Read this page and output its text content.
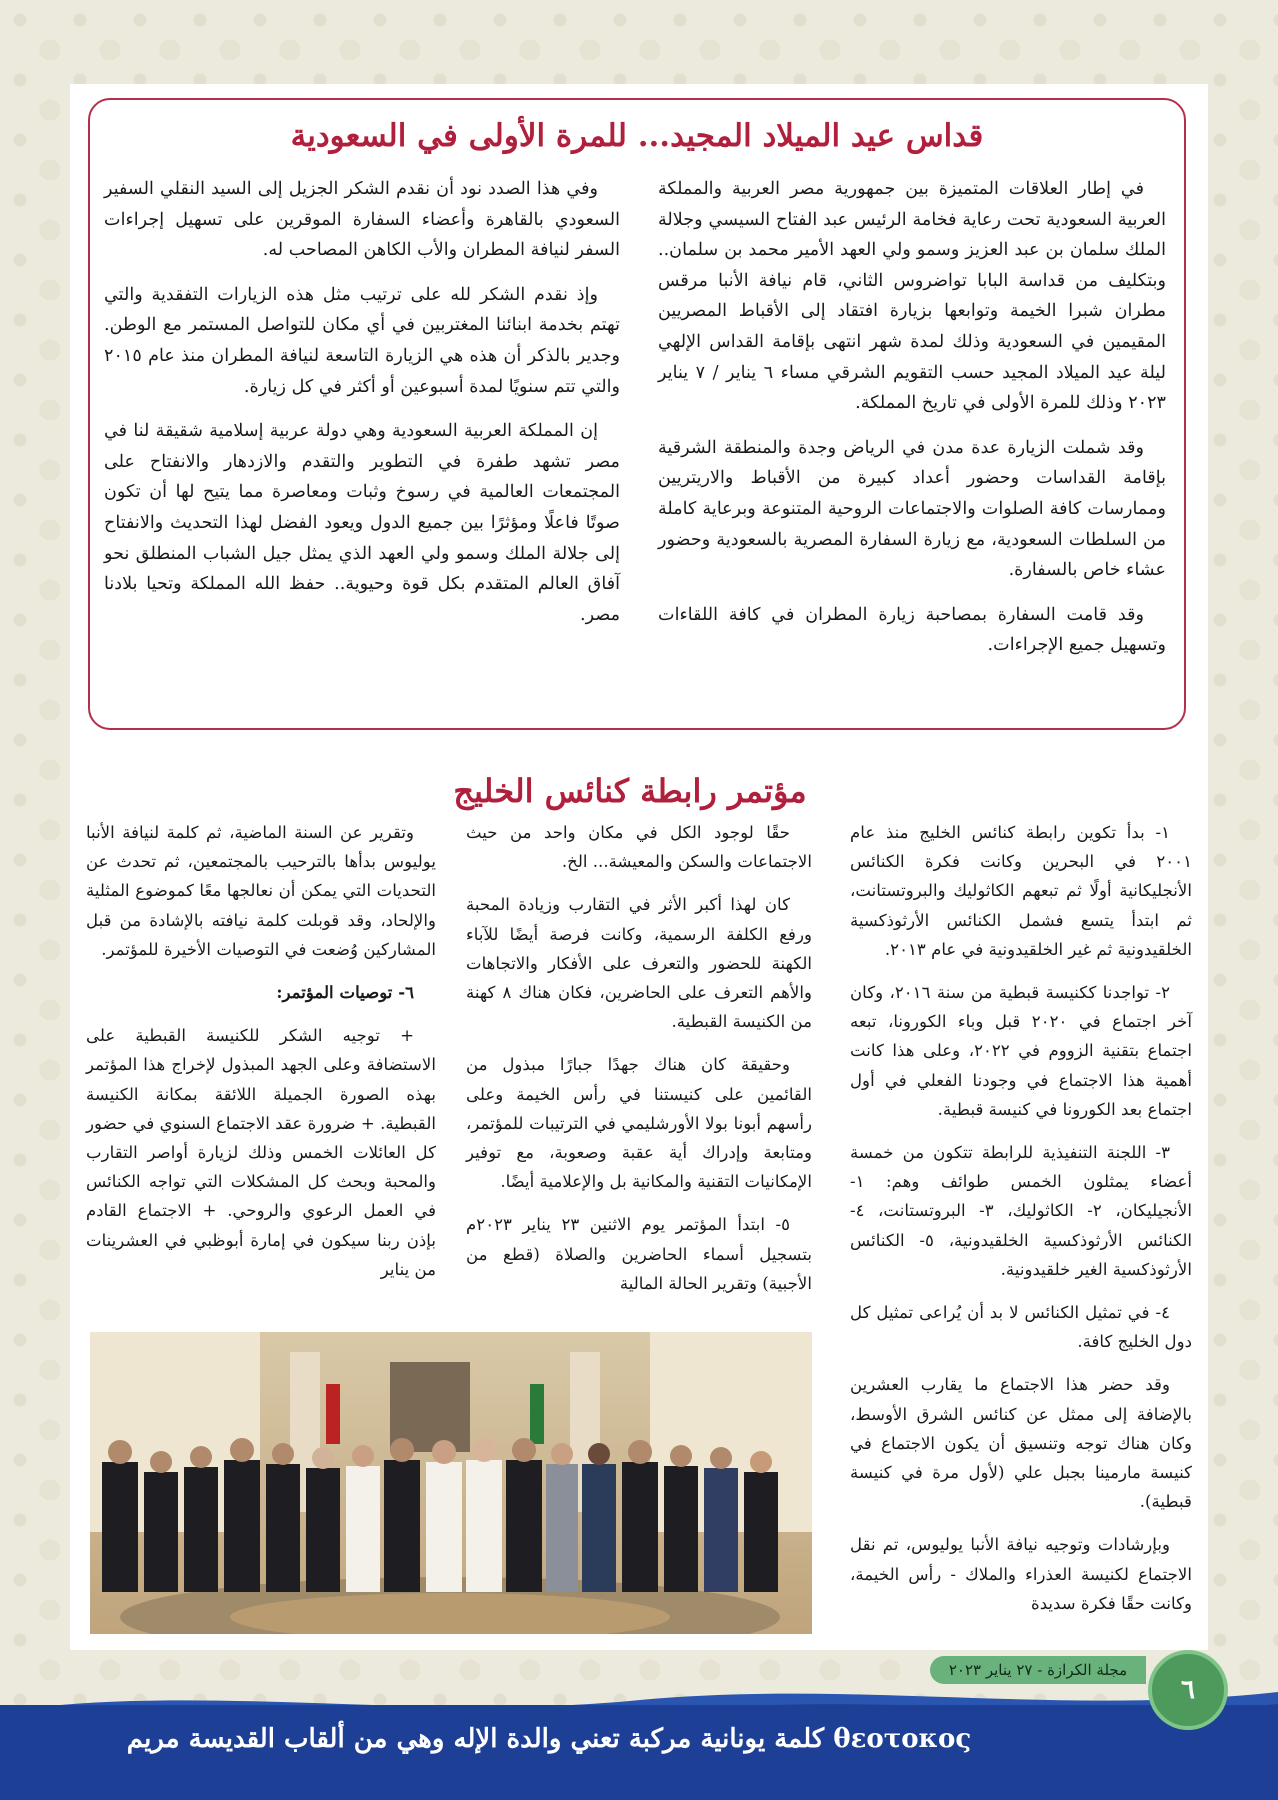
قداس عيد الميلاد المجيد... للمرة الأولى في السعودية

في إطار العلاقات المتميزة بين جمهورية مصر العربية والمملكة العربية السعودية تحت رعاية فخامة الرئيس عبد الفتاح السيسي وجلالة الملك سلمان بن عبد العزيز وسمو ولي العهد الأمير محمد بن سلمان.. وبتكليف من قداسة البابا تواضروس الثاني، قام نيافة الأنبا مرقس مطران شبرا الخيمة وتوابعها بزيارة افتقاد إلى الأقباط المصريين المقيمين في السعودية وذلك لمدة شهر انتهى بإقامة القداس الإلهي ليلة عيد الميلاد المجيد حسب التقويم الشرقي مساء ٦ يناير / ٧ يناير ٢٠٢٣ وذلك للمرة الأولى في تاريخ المملكة.

وقد شملت الزيارة عدة مدن في الرياض وجدة والمنطقة الشرقية بإقامة القداسات وحضور أعداد كبيرة من الأقباط والاريتريين وممارسات كافة الصلوات والاجتماعات الروحية المتنوعة وبرعاية كاملة من السلطات السعودية، مع زيارة السفارة المصرية بالسعودية وحضور عشاء خاص بالسفارة.

وقد قامت السفارة بمصاحبة زيارة المطران في كافة اللقاءات وتسهيل جميع الإجراءات.

وفي هذا الصدد نود أن نقدم الشكر الجزيل إلى السيد النقلي السفير السعودي بالقاهرة وأعضاء السفارة الموقرين على تسهيل إجراءات السفر لنيافة المطران والأب الكاهن المصاحب له.

وإذ نقدم الشكر لله على ترتيب مثل هذه الزيارات التفقدية والتي تهتم بخدمة ابنائنا المغتربين في أي مكان للتواصل المستمر مع الوطن. وجدير بالذكر أن هذه هي الزيارة التاسعة لنيافة المطران منذ عام ٢٠١٥ والتي تتم سنويًا لمدة أسبوعين أو أكثر في كل زيارة.

إن المملكة العربية السعودية وهي دولة عربية إسلامية شقيقة لنا في مصر تشهد طفرة في التطوير والتقدم والازدهار والانفتاح على المجتمعات العالمية في رسوخ وثبات ومعاصرة مما يتيح لها أن تكون صوتًا فاعلًا ومؤثرًا بين جميع الدول ويعود الفضل لهذا التحديث والانفتاح إلى جلالة الملك وسمو ولي العهد الذي يمثل جيل الشباب المنطلق نحو آفاق العالم المتقدم بكل قوة وحيوية.. حفظ الله المملكة وتحيا بلادنا مصر.

مؤتمر رابطة كنائس الخليج

١- بدأ تكوين رابطة كنائس الخليج منذ عام ٢٠٠١ في البحرين وكانت فكرة الكنائس الأنجليكانية أولًا ثم تبعهم الكاثوليك والبروتستانت، ثم ابتدأ يتسع فشمل الكنائس الأرثوذكسية الخلقيدونية ثم غير الخلقيدونية في عام ٢٠١٣.

٢- تواجدنا ككنيسة قبطية من سنة ٢٠١٦، وكان آخر اجتماع في ٢٠٢٠ قبل وباء الكورونا، تبعه اجتماع بتقنية الزووم في ٢٠٢٢، وعلى هذا كانت أهمية هذا الاجتماع في وجودنا الفعلي في أول اجتماع بعد الكورونا في كنيسة قبطية.

٣- اللجنة التنفيذية للرابطة تتكون من خمسة أعضاء يمثلون الخمس طوائف وهم: ١- الأنجيليكان، ٢- الكاثوليك، ٣- البروتستانت، ٤- الكنائس الأرثوذكسية الخلقيدونية، ٥- الكنائس الأرثوذكسية الغير خلقيدونية.

٤- في تمثيل الكنائس لا بد أن يُراعى تمثيل كل دول الخليج كافة.

وقد حضر هذا الاجتماع ما يقارب العشرين بالإضافة إلى ممثل عن كنائس الشرق الأوسط، وكان هناك توجه وتنسيق أن يكون الاجتماع في كنيسة مارمينا بجبل علي (لأول مرة في كنيسة قبطية).

وبإرشادات وتوجيه نيافة الأنبا يوليوس، تم نقل الاجتماع لكنيسة العذراء والملاك - رأس الخيمة، وكانت حقًا فكرة سديدة

حقًا لوجود الكل في مكان واحد من حيث الاجتماعات والسكن والمعيشة... الخ.

كان لهذا أكبر الأثر في التقارب وزيادة المحبة ورفع الكلفة الرسمية، وكانت فرصة أيضًا للآباء الكهنة للحضور والتعرف على الأفكار والاتجاهات والأهم التعرف على الحاضرين، فكان هناك ٨ كهنة من الكنيسة القبطية.

وحقيقة كان هناك جهدًا جبارًا مبذول من القائمين على كنيستنا في رأس الخيمة وعلى رأسهم أبونا بولا الأورشليمي في الترتيبات للمؤتمر، ومتابعة وإدراك أية عقبة وصعوبة، مع توفير الإمكانيات التقنية والمكانية بل والإعلامية أيضًا.

٥- ابتدأ المؤتمر يوم الاثنين ٢٣ يناير ٢٠٢٣م بتسجيل أسماء الحاضرين والصلاة (قطع من الأجبية) وتقرير الحالة المالية

وتقرير عن السنة الماضية، ثم كلمة لنيافة الأنبا يوليوس بدأها بالترحيب بالمجتمعين، ثم تحدث عن التحديات التي يمكن أن نعالجها معًا كموضوع المثلية والإلحاد، وقد قوبلت كلمة نيافته بالإشادة من قبل المشاركين وُضعت في التوصيات الأخيرة للمؤتمر.

٦- توصيات المؤتمر:

+ توجيه الشكر للكنيسة القبطية على الاستضافة وعلى الجهد المبذول لإخراج هذا المؤتمر بهذه الصورة الجميلة اللائقة بمكانة الكنيسة القبطية. + ضرورة عقد الاجتماع السنوي في حضور كل العائلات الخمس وذلك لزيارة أواصر التقارب والمحبة وبحث كل المشكلات التي تواجه الكنائس في العمل الرعوي والروحي. + الاجتماع القادم بإذن ربنا سيكون في إمارة أبوظبي في العشرينات من يناير

θεοτοκος كلمة يونانية مركبة تعني والدة الإله وهي من ألقاب القديسة مريم
مجلة الكرازة - ٢٧ يناير ٢٠٢٣
٦
